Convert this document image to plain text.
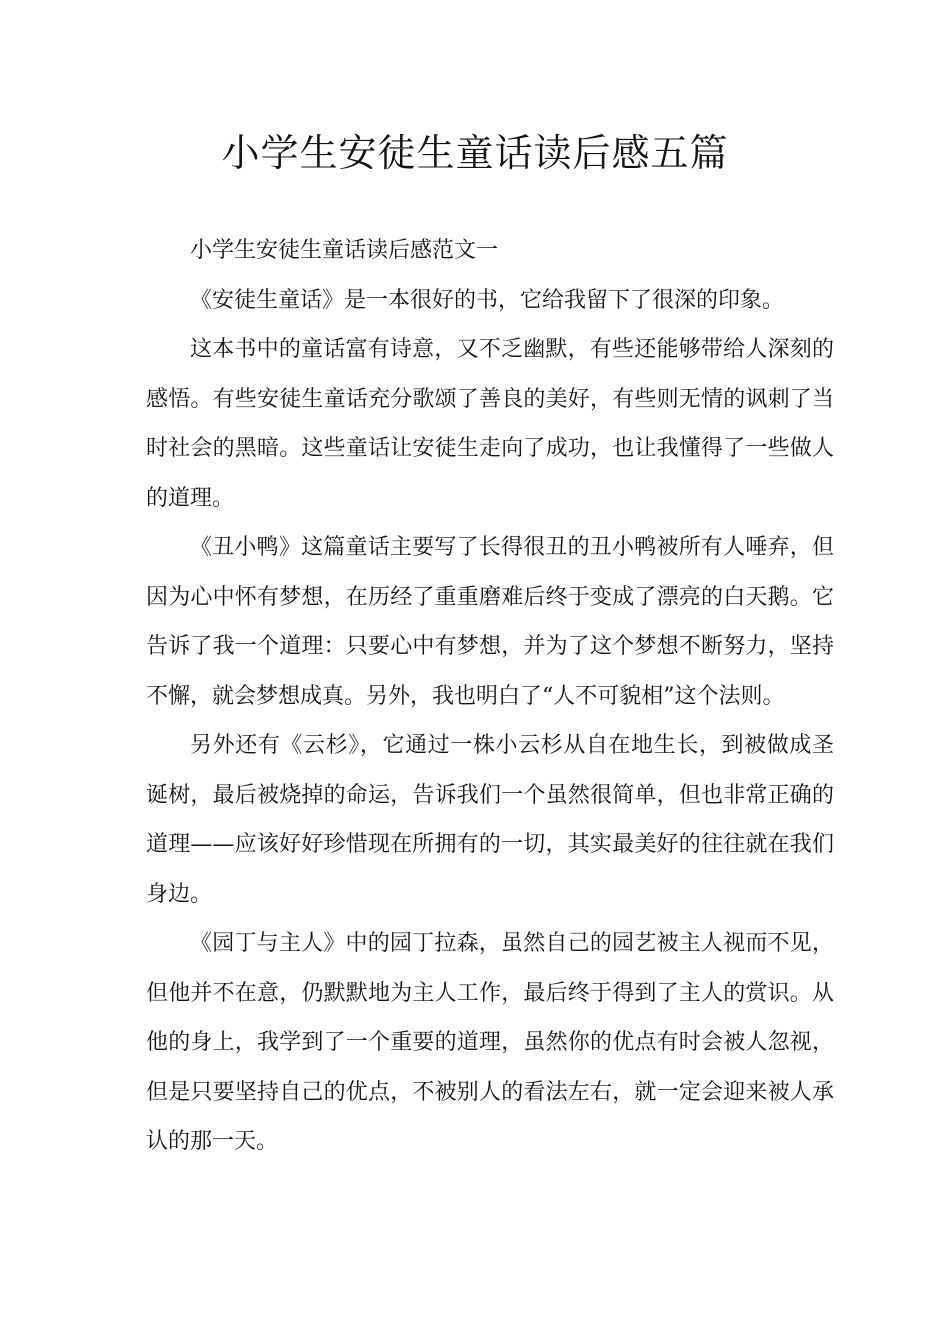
小学生安徒生童话读后感五篇

小学生安徒生童话读后感范文一

《安徒生童话》是一本很好的书，它给我留下了很深的印象。

这本书中的童话富有诗意，又不乏幽默，有些还能够带给人深刻的感悟。有些安徒生童话充分歌颂了善良的美好，有些则无情的讽刺了当时社会的黑暗。这些童话让安徒生走向了成功，也让我懂得了一些做人的道理。

《丑小鸭》这篇童话主要写了长得很丑的丑小鸭被所有人唾弃，但因为心中怀有梦想，在历经了重重磨难后终于变成了漂亮的白天鹅。它告诉了我一个道理：只要心中有梦想，并为了这个梦想不断努力，坚持不懈，就会梦想成真。另外，我也明白了“人不可貌相”这个法则。

另外还有《云杉》，它通过一株小云杉从自在地生长，到被做成圣诞树，最后被烧掉的命运，告诉我们一个虽然很简单，但也非常正确的道理——应该好好珍惜现在所拥有的一切，其实最美好的往往就在我们身边。

《园丁与主人》中的园丁拉森，虽然自己的园艺被主人视而不见，但他并不在意，仍默默地为主人工作，最后终于得到了主人的赏识。从他的身上，我学到了一个重要的道理，虽然你的优点有时会被人忽视，但是只要坚持自己的优点，不被别人的看法左右，就一定会迎来被人承认的那一天。
